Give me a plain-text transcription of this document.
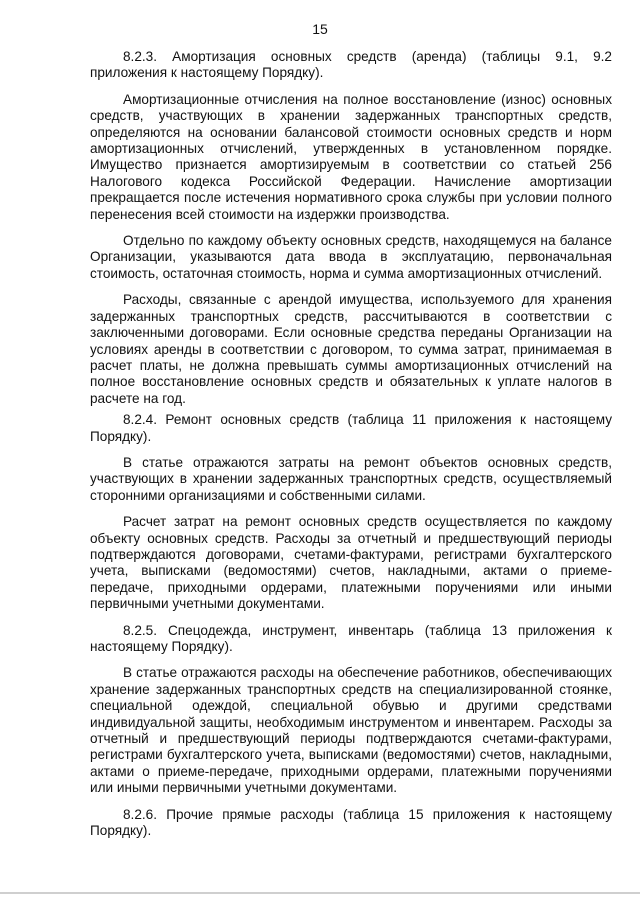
15

8.2.3. Амортизация основных средств (аренда) (таблицы 9.1, 9.2 приложения к настоящему Порядку).

Амортизационные отчисления на полное восстановление (износ) основных средств, участвующих в хранении задержанных транспортных средств, определяются на основании балансовой стоимости основных средств и норм амортизационных отчислений, утвержденных в установленном порядке. Имущество признается амортизируемым в соответствии со статьей 256 Налогового кодекса Российской Федерации. Начисление амортизации прекращается после истечения нормативного срока службы при условии полного перенесения всей стоимости на издержки производства.

Отдельно по каждому объекту основных средств, находящемуся на балансе Организации, указываются дата ввода в эксплуатацию, первоначальная стоимость, остаточная стоимость, норма и сумма амортизационных отчислений.

Расходы, связанные с арендой имущества, используемого для хранения задержанных транспортных средств, рассчитываются в соответствии с заключенными договорами. Если основные средства переданы Организации на условиях аренды в соответствии с договором, то сумма затрат, принимаемая в расчет платы, не должна превышать суммы амортизационных отчислений на полное восстановление основных средств и обязательных к уплате налогов в расчете на год.

8.2.4. Ремонт основных средств (таблица 11 приложения к настоящему Порядку).

В статье отражаются затраты на ремонт объектов основных средств, участвующих в хранении задержанных транспортных средств, осуществляемый сторонними организациями и собственными силами.

Расчет затрат на ремонт основных средств осуществляется по каждому объекту основных средств. Расходы за отчетный и предшествующий периоды подтверждаются договорами, счетами-фактурами, регистрами бухгалтерского учета, выписками (ведомостями) счетов, накладными, актами о приеме-передаче, приходными ордерами, платежными поручениями или иными первичными учетными документами.

8.2.5. Спецодежда, инструмент, инвентарь (таблица 13 приложения к настоящему Порядку).

В статье отражаются расходы на обеспечение работников, обеспечивающих хранение задержанных транспортных средств на специализированной стоянке, специальной одеждой, специальной обувью и другими средствами индивидуальной защиты, необходимым инструментом и инвентарем. Расходы за отчетный и предшествующий периоды подтверждаются счетами-фактурами, регистрами бухгалтерского учета, выписками (ведомостями) счетов, накладными, актами о приеме-передаче, приходными ордерами, платежными поручениями или иными первичными учетными документами.

8.2.6. Прочие прямые расходы (таблица 15 приложения к настоящему Порядку).
